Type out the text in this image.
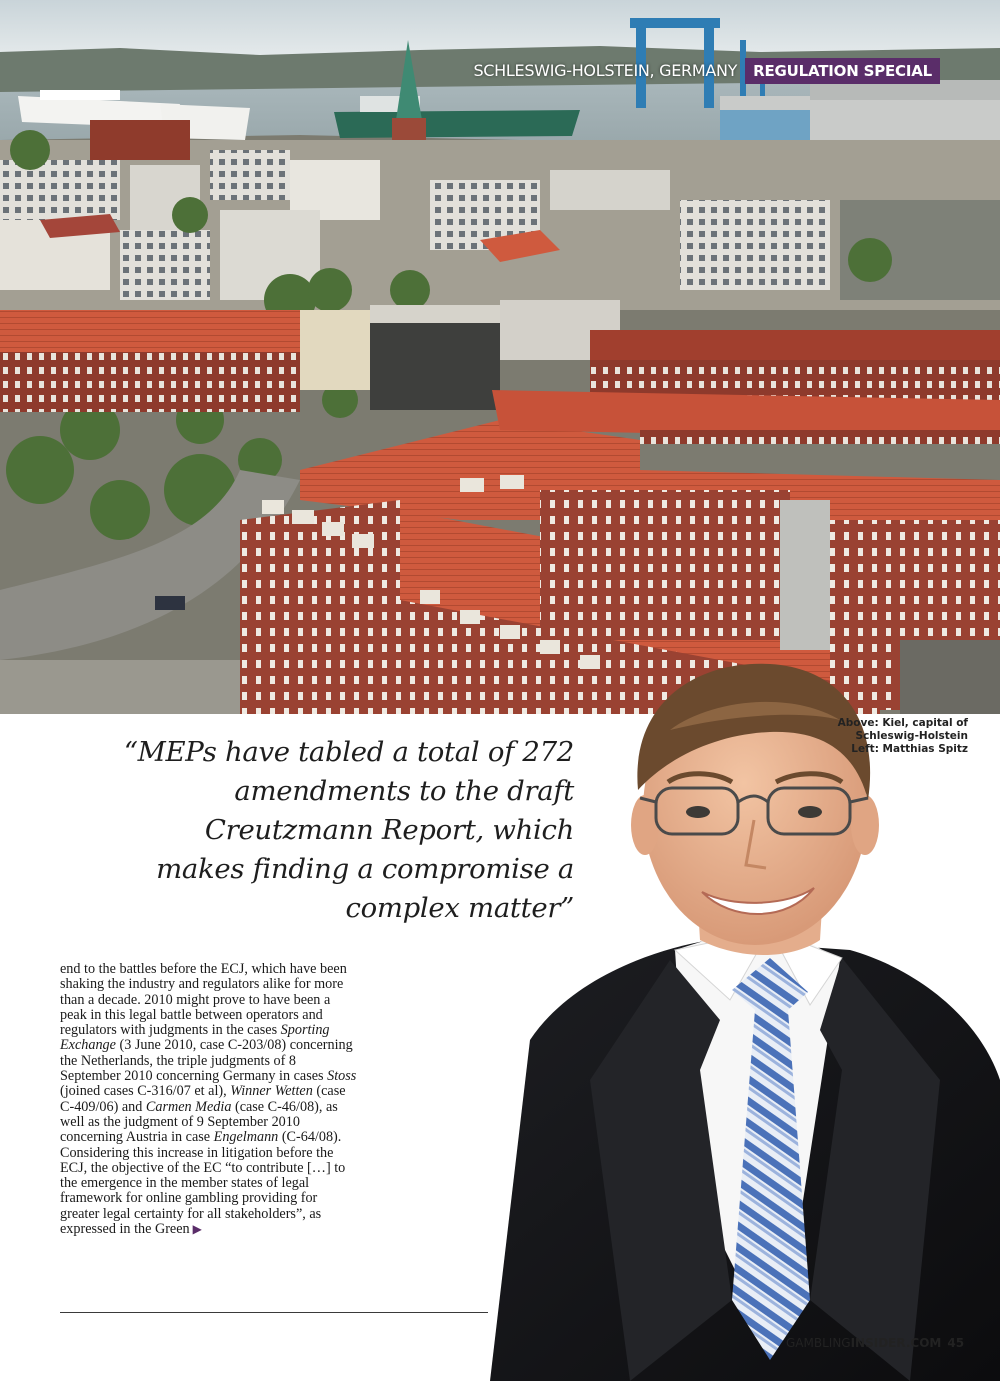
SCHLESWIG-HOLSTEIN, GERMANY	REGULATION SPECIAL
Above: Kiel, capital of
Schleswig-Holstein
Left: Matthias Spitz
“MEPs have tabled a total of 272 amendments to the draft Creutzmann Report, which makes finding a compromise a complex matter”

end to the battles before the ECJ, which have been shaking the industry and regulators alike for more than a decade. 2010 might prove to have been a peak in this legal battle between operators and regulators with judgments in the cases Sporting Exchange (3 June 2010, case C-203/08) concerning the Netherlands, the triple judgments of 8 September 2010 concerning Germany in cases Stoss (joined cases C-316/07 et al), Winner Wetten (case C-409/06) and Carmen Media (case C-46/08), as well as the judgment of 9 September 2010 concerning Austria in case Engelmann (C-64/08). Considering this increase in litigation before the ECJ, the objective of the EC “to contribute […] to the emergence in the member states of legal framework for online gambling providing for greater legal certainty for all stakeholders”, as expressed in the Green ▶

GAMBLINGINSIDER.COM 45
